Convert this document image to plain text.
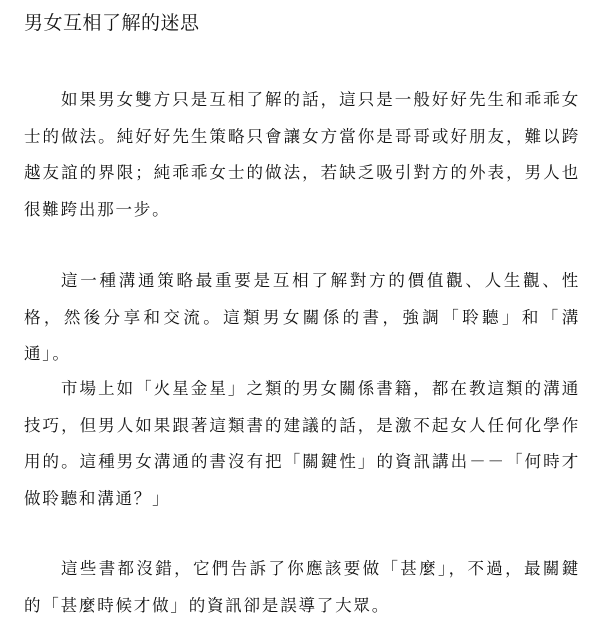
男女互相了解的迷思

如果男女雙方只是互相了解的話，這只是一般好好先生和乖乖女士的做法。純好好先生策略只會讓女方當你是哥哥或好朋友，難以跨越友誼的界限；純乖乖女士的做法，若缺乏吸引對方的外表，男人也很難跨出那一步。

這一種溝通策略最重要是互相了解對方的價值觀、人生觀、性格，然後分享和交流。這類男女關係的書，強調「聆聽」和「溝通」。

市場上如「火星金星」之類的男女關係書籍，都在教這類的溝通技巧，但男人如果跟著這類書的建議的話，是激不起女人任何化學作用的。這種男女溝通的書沒有把「關鍵性」的資訊講出－－「何時才做聆聽和溝通？」

這些書都沒錯，它們告訴了你應該要做「甚麼」，不過，最關鍵的「甚麼時候才做」的資訊卻是誤導了大眾。
